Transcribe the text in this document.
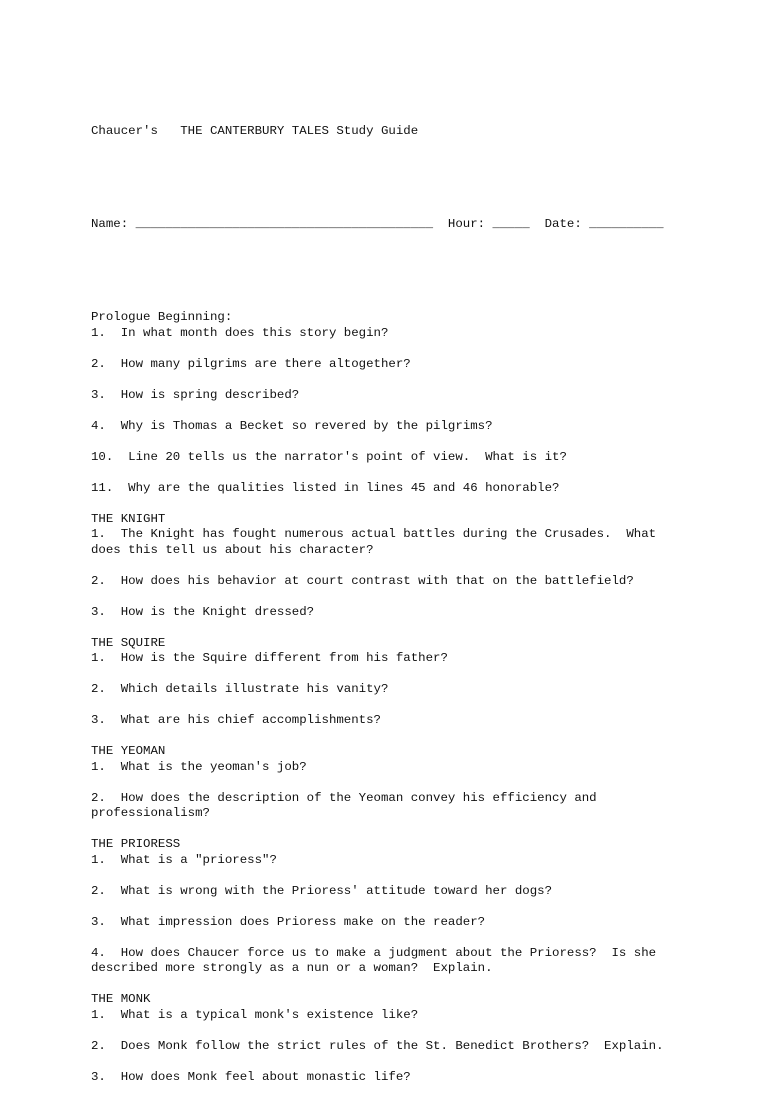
Chaucer's   THE CANTERBURY TALES Study Guide

Name: ________________________________________  Hour: _____  Date: __________

Prologue Beginning:
1.  In what month does this story begin?
2.  How many pilgrims are there altogether?
3.  How is spring described?
4.  Why is Thomas a Becket so revered by the pilgrims?
10.  Line 20 tells us the narrator's point of view.  What is it?
11.  Why are the qualities listed in lines 45 and 46 honorable?
THE KNIGHT
1.  The Knight has fought numerous actual battles during the Crusades.  What
does this tell us about his character?
2.  How does his behavior at court contrast with that on the battlefield?
3.  How is the Knight dressed?
THE SQUIRE
1.  How is the Squire different from his father?
2.  Which details illustrate his vanity?
3.  What are his chief accomplishments?
THE YEOMAN
1.  What is the yeoman's job?
2.  How does the description of the Yeoman convey his efficiency and
professionalism?
THE PRIORESS
1.  What is a "prioress"?
2.  What is wrong with the Prioress' attitude toward her dogs?
3.  What impression does Prioress make on the reader?
4.  How does Chaucer force us to make a judgment about the Prioress?  Is she
described more strongly as a nun or a woman?  Explain.
THE MONK
1.  What is a typical monk's existence like?
2.  Does Monk follow the strict rules of the St. Benedict Brothers?  Explain.
3.  How does Monk feel about monastic life?
